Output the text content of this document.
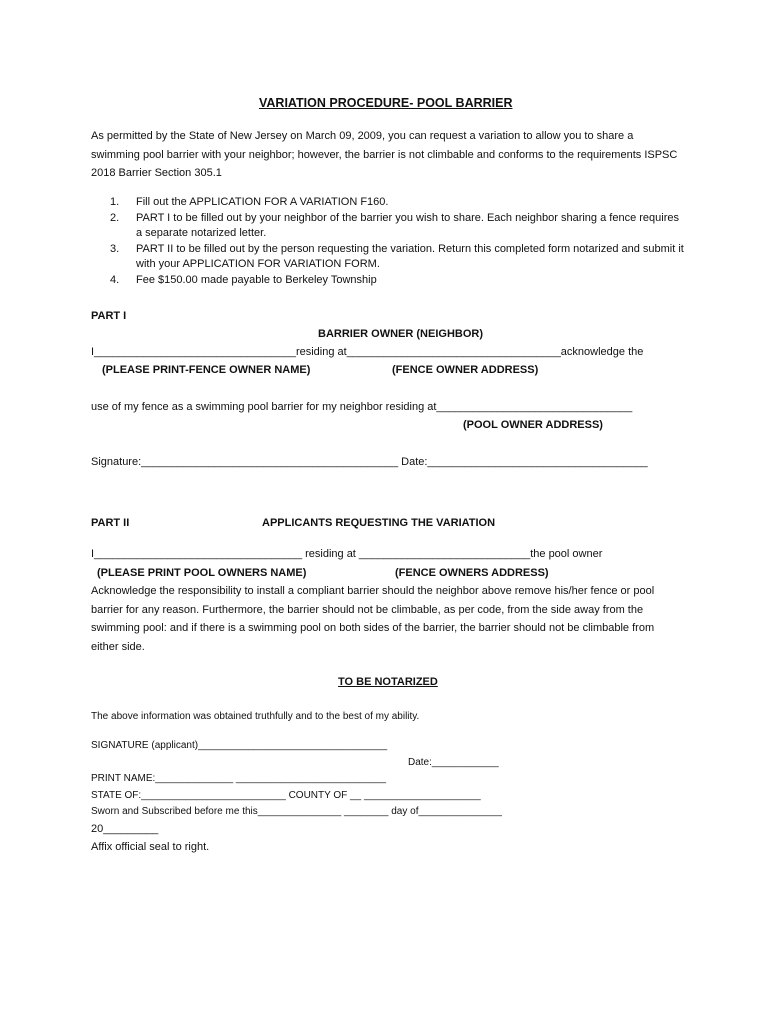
VARIATION PROCEDURE- POOL BARRIER
As permitted by the State of New Jersey on March 09, 2009, you can request a variation to allow you to share a swimming pool barrier with your neighbor; however, the barrier is not climbable and conforms to the requirements ISPSC 2018 Barrier Section 305.1
1. Fill out the APPLICATION FOR A VARIATION F160.
2. PART I to be filled out by your neighbor of the barrier you wish to share. Each neighbor sharing a fence requires a separate notarized letter.
3. PART II to be filled out by the person requesting the variation. Return this completed form notarized and submit it with your APPLICATION FOR VARIATION FORM.
4. Fee $150.00 made payable to Berkeley Township
PART I
BARRIER OWNER (NEIGHBOR)
I_________________________________residing at___________________________________acknowledge the
(PLEASE PRINT-FENCE OWNER NAME)	(FENCE OWNER ADDRESS)
use of my fence as a swimming pool barrier for my neighbor residing at________________________________
(POOL OWNER ADDRESS)
Signature:__________________________________________ Date:____________________________________
PART II	APPLICANTS REQUESTING THE VARIATION
I__________________________________ residing at ____________________________the pool owner
(PLEASE PRINT POOL OWNERS NAME)	(FENCE OWNERS ADDRESS)
Acknowledge the responsibility to install a compliant barrier should the neighbor above remove his/her fence or pool barrier for any reason. Furthermore, the barrier should not be climbable, as per code, from the side away from the swimming pool: and if there is a swimming pool on both sides of the barrier, the barrier should not be climbable from either side.
TO BE NOTARIZED
The above information was obtained truthfully and to the best of my ability.
SIGNATURE (applicant)__________________________________
Date:____________
PRINT NAME:______________ ___________________________
STATE OF:__________________________ COUNTY OF __ _____________________
Sworn and Subscribed before me this_______________ ________ day of_______________
20_________
Affix official seal to right.
